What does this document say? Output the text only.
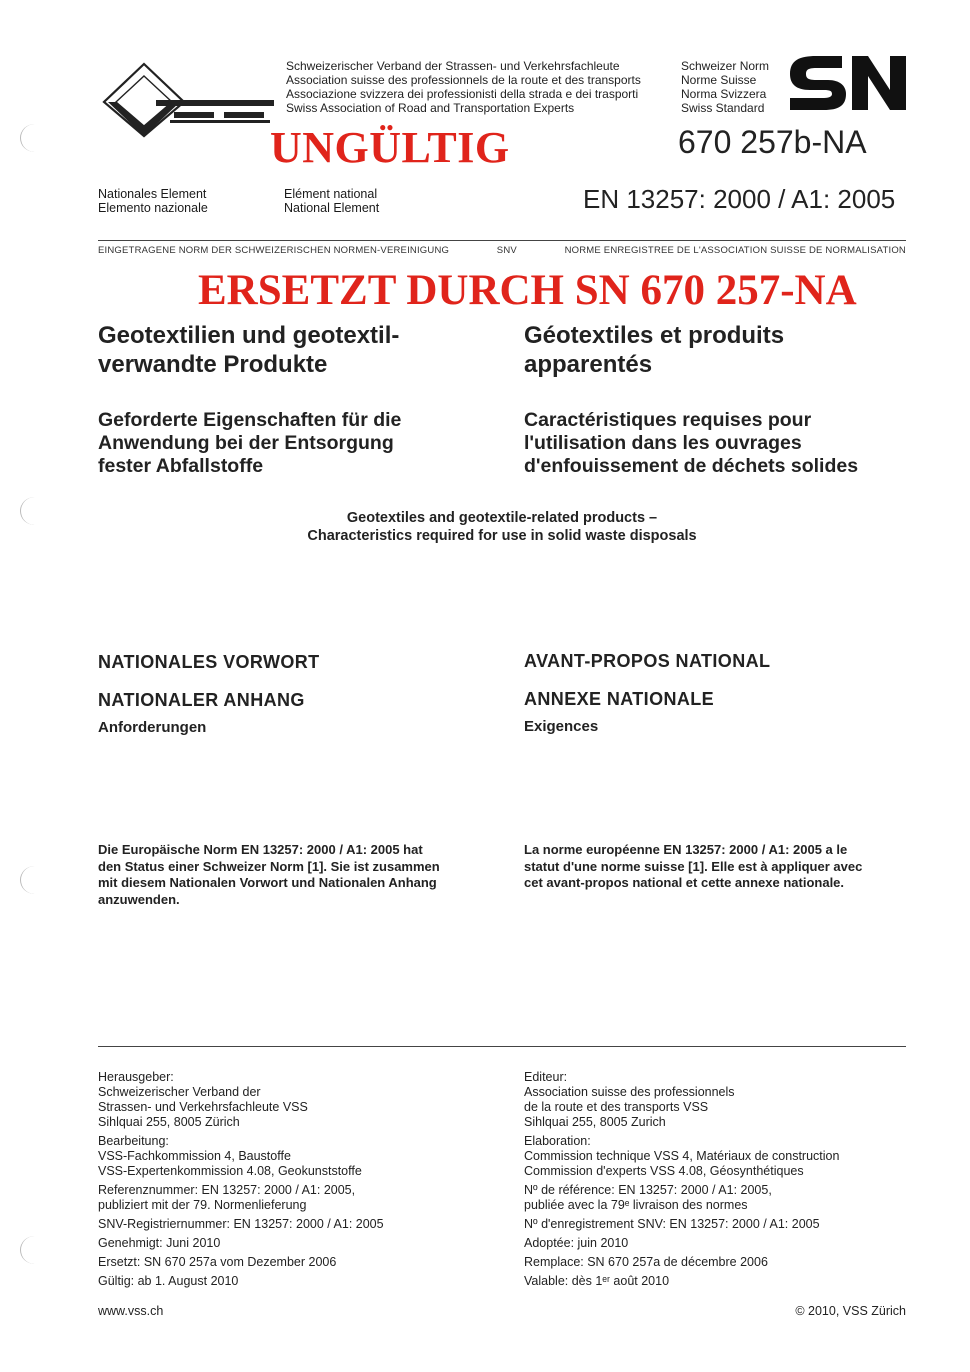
Schweizerischer Verband der Strassen- und Verkehrsfachleute
Association suisse des professionnels de la route et des transports
Associazione svizzera dei professionisti della strada e dei trasporti
Swiss Association of Road and Transportation Experts
Schweizer Norm
Norme Suisse
Norma Svizzera
Swiss Standard
UNGÜLTIG	670 257b-NA
Nationales Element
Elemento nazionale
Elément national
National Element	EN 13257: 2000 / A1: 2005
EINGETRAGENE NORM DER SCHWEIZERISCHEN NORMEN-VEREINIGUNG	SNV	NORME ENREGISTREE DE L'ASSOCIATION SUISSE DE NORMALISATION
ERSETZT DURCH SN 670 257-NA
Geotextilien und geotextil-
verwandte Produkte
Géotextiles et produits
apparentés
Geforderte Eigenschaften für die
Anwendung bei der Entsorgung
fester Abfallstoffe
Caractéristiques requises pour
l'utilisation dans les ouvrages
d'enfouissement de déchets solides
Geotextiles and geotextile-related products –
Characteristics required for use in solid waste disposals
NATIONALES VORWORT	AVANT-PROPOS NATIONAL
NATIONALER ANHANG	ANNEXE NATIONALE
Anforderungen	Exigences
Die Europäische Norm EN 13257: 2000 / A1: 2005 hat
den Status einer Schweizer Norm [1]. Sie ist zusammen
mit diesem Nationalen Vorwort und Nationalen Anhang
anzuwenden.
La norme européenne EN 13257: 2000 / A1: 2005 a le
statut d'une norme suisse [1]. Elle est à appliquer avec
cet avant-propos national et cette annexe nationale.

Herausgeber:
Schweizerischer Verband der
Strassen- und Verkehrsfachleute VSS
Sihlquai 255, 8005 Zürich

Bearbeitung:
VSS-Fachkommission 4, Baustoffe
VSS-Expertenkommission 4.08, Geokunststoffe

Referenznummer: EN 13257: 2000 / A1: 2005,
publiziert mit der 79. Normenlieferung

SNV-Registriernummer: EN 13257: 2000 / A1: 2005

Genehmigt: Juni 2010

Ersetzt: SN 670 257a vom Dezember 2006

Gültig: ab 1. August 2010

Editeur:
Association suisse des professionnels
de la route et des transports VSS
Sihlquai 255, 8005 Zurich

Elaboration:
Commission technique VSS 4, Matériaux de construction
Commission d'experts VSS 4.08, Géosynthétiques

Nº de référence: EN 13257: 2000 / A1: 2005,
publiée avec la 79ᵉ livraison des normes

Nº d'enregistrement SNV: EN 13257: 2000 / A1: 2005

Adoptée: juin 2010

Remplace: SN 670 257a de décembre 2006

Valable: dès 1ᵉʳ août 2010

www.vss.ch	© 2010, VSS Zürich
